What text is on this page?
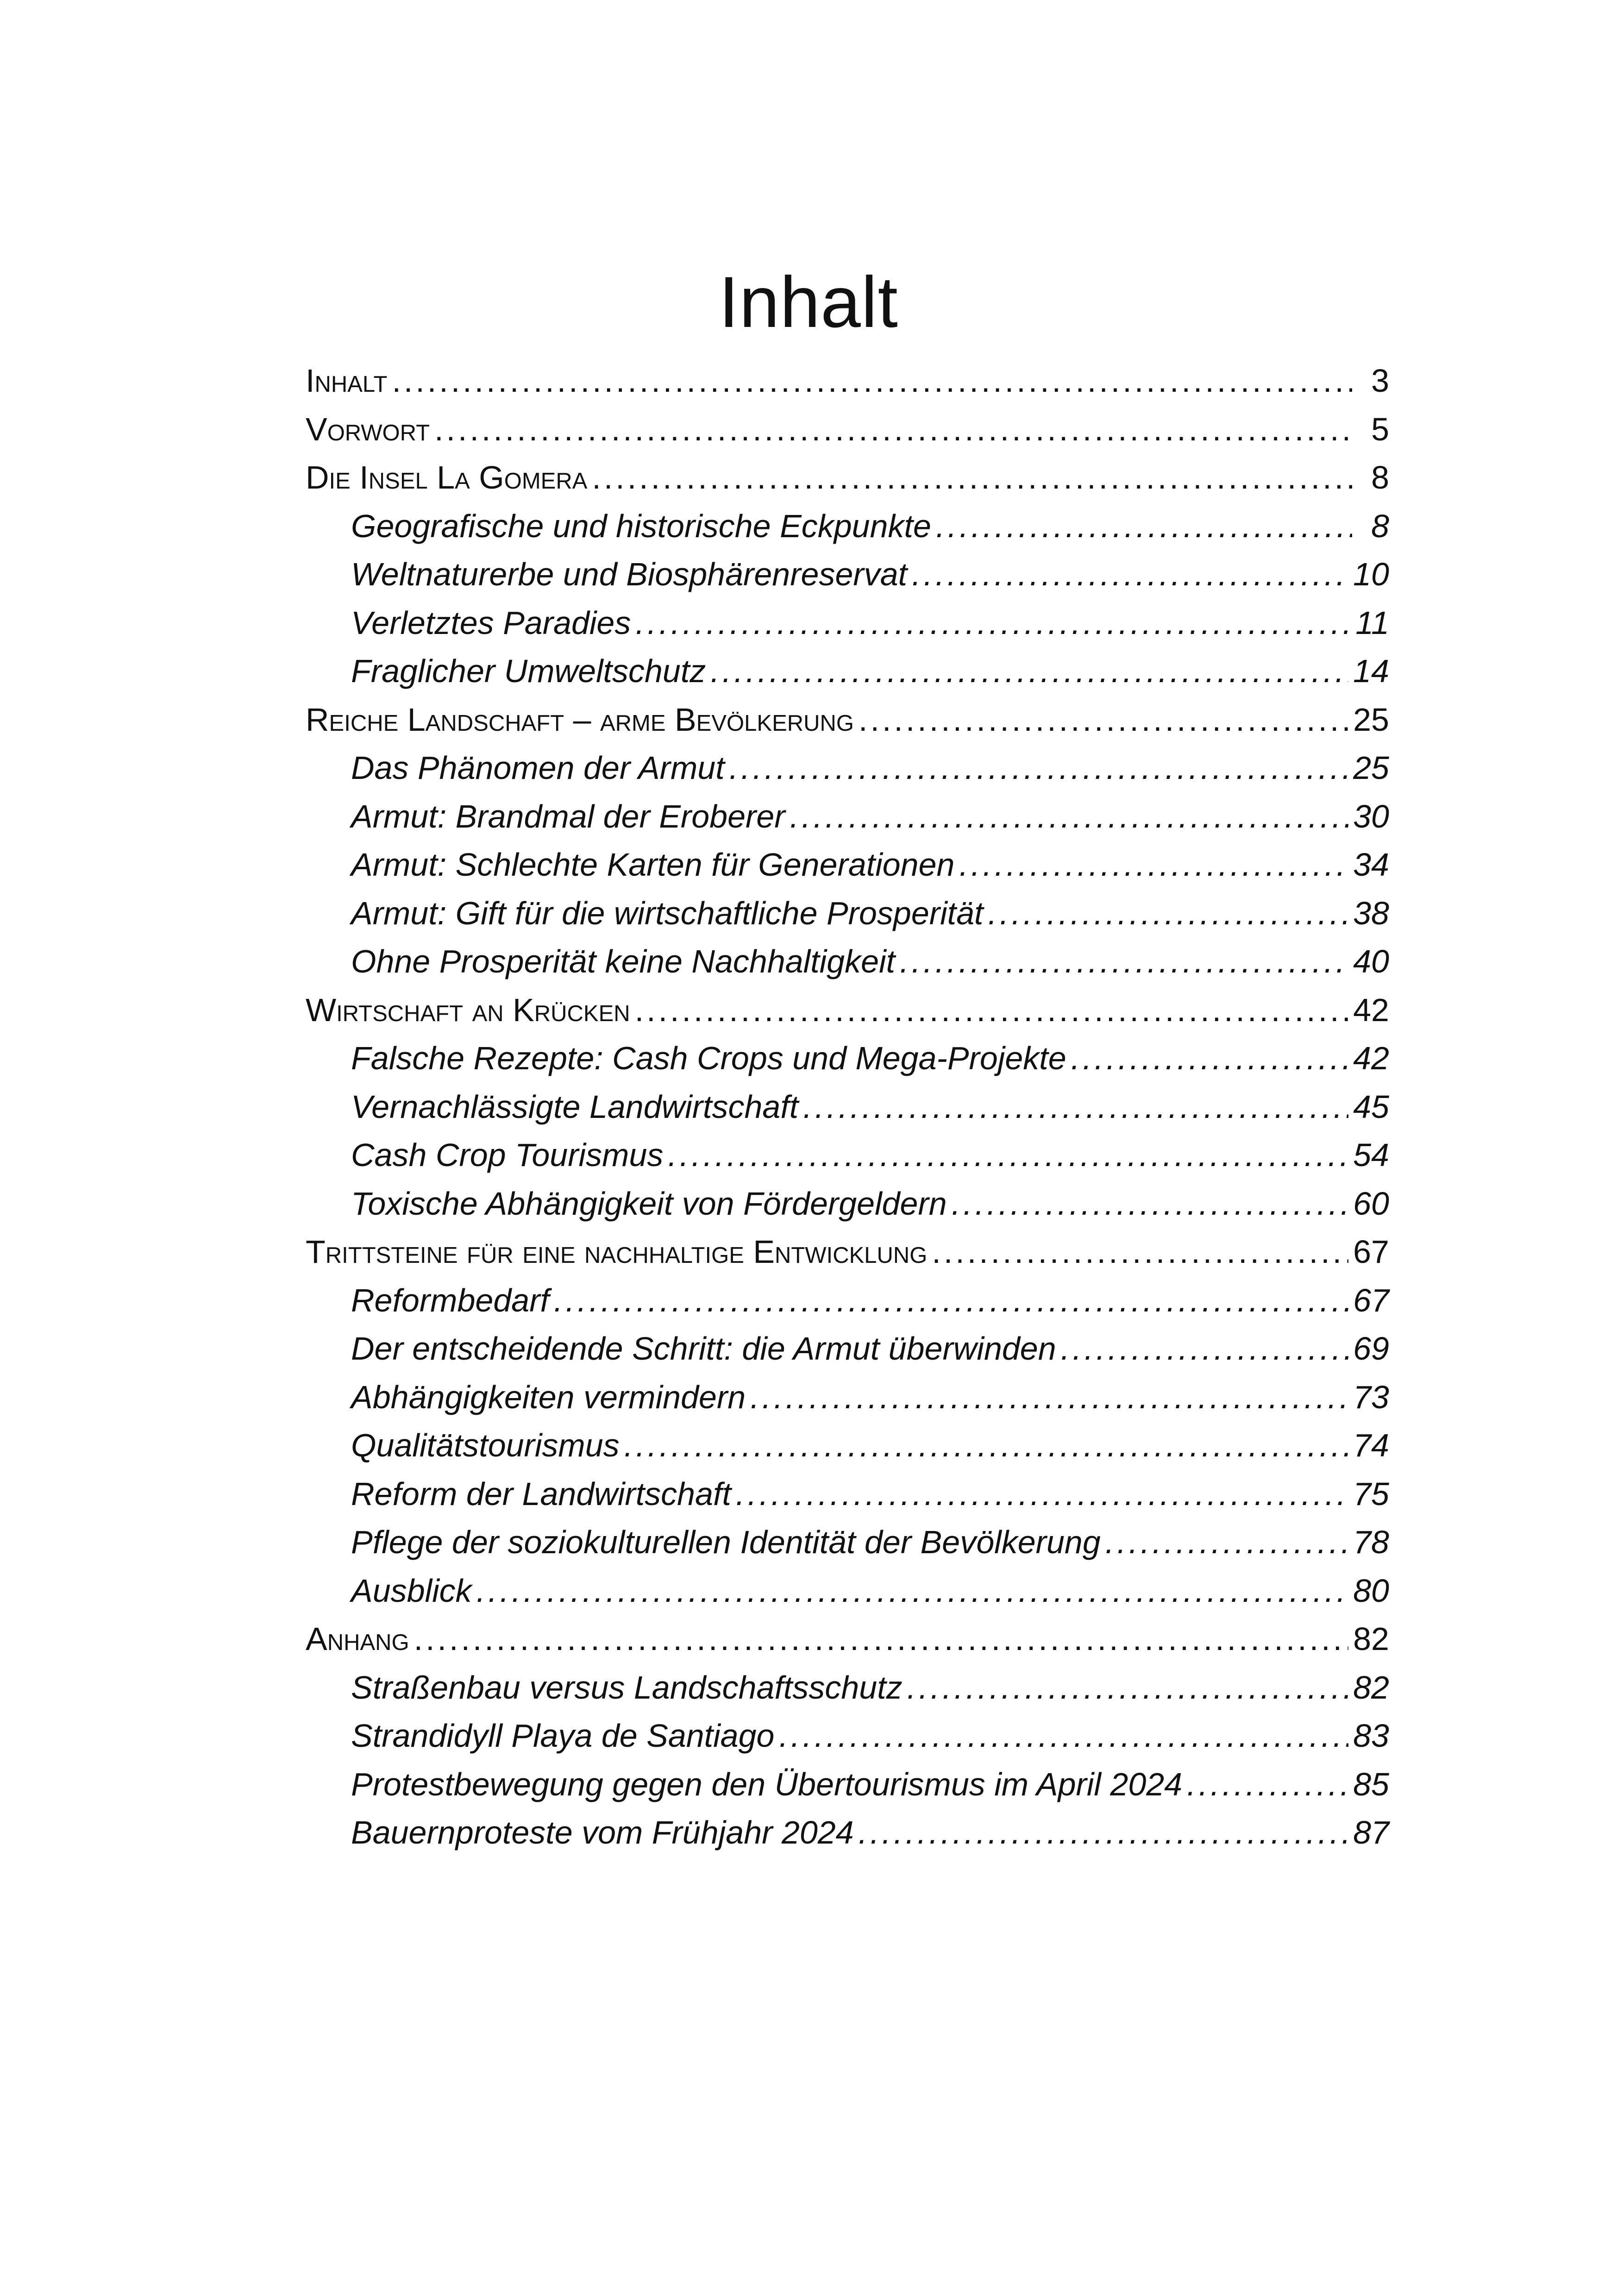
Inhalt
Inhalt .....	3
Vorwort .....	5
Die Insel La Gomera .....	8
Geografische und historische Eckpunkte .....	8
Weltnaturerbe und Biosphärenreservat .....	10
Verletztes Paradies .....	11
Fraglicher Umweltschutz .....	14
Reiche Landschaft – arme Bevölkerung .....	25
Das Phänomen der Armut .....	25
Armut: Brandmal der Eroberer .....	30
Armut: Schlechte Karten für Generationen .....	34
Armut: Gift für die wirtschaftliche Prosperität .....	38
Ohne Prosperität keine Nachhaltigkeit .....	40
Wirtschaft an Krücken .....	42
Falsche Rezepte: Cash Crops und Mega-Projekte .....	42
Vernachlässigte Landwirtschaft .....	45
Cash Crop Tourismus .....	54
Toxische Abhängigkeit von Fördergeldern .....	60
Trittsteine für eine nachhaltige Entwicklung .....	67
Reformbedarf .....	67
Der entscheidende Schritt: die Armut überwinden .....	69
Abhängigkeiten vermindern .....	73
Qualitätstourismus .....	74
Reform der Landwirtschaft .....	75
Pflege der soziokulturellen Identität der Bevölkerung .....	78
Ausblick .....	80
Anhang .....	82
Straßenbau versus Landschaftsschutz .....	82
Strandidyll Playa de Santiago .....	83
Protestbewegung gegen den Übertourismus im April 2024 .....	85
Bauernproteste vom Frühjahr 2024 .....	87
